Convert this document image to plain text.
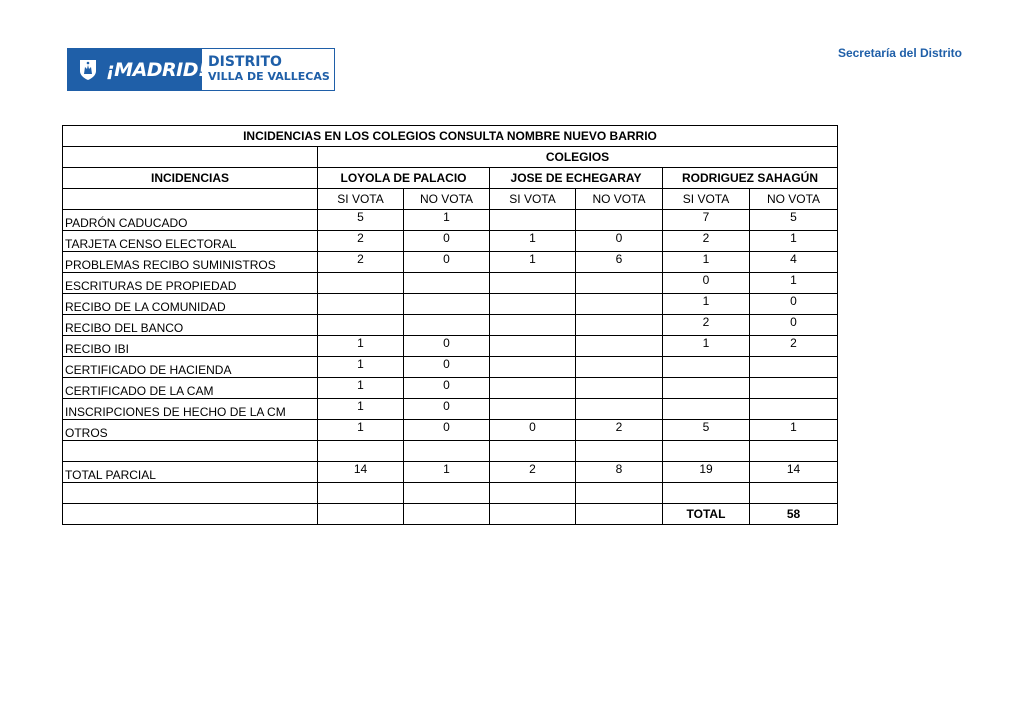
¡MADRID! DISTRITO
VILLA DE VALLECAS
Secretaría del Distrito
INCIDENCIAS EN LOS COLEGIOS CONSULTA NOMBRE NUEVO BARRIO						
	COLEGIOS					
INCIDENCIAS	LOYOLA DE PALACIO		JOSE DE ECHEGARAY		RODRIGUEZ SAHAGÚN	
	SI VOTA	NO VOTA	SI VOTA	NO VOTA	SI VOTA	NO VOTA
PADRÓN CADUCADO	5	1			7	5
TARJETA CENSO ELECTORAL	2	0	1	0	2	1
PROBLEMAS RECIBO SUMINISTROS	2	0	1	6	1	4
ESCRITURAS DE PROPIEDAD					0	1
RECIBO DE LA COMUNIDAD					1	0
RECIBO DEL BANCO					2	0
RECIBO IBI	1	0			1	2
CERTIFICADO DE HACIENDA	1	0				
CERTIFICADO DE LA CAM	1	0				
INSCRIPCIONES DE HECHO DE LA CM	1	0				
OTROS	1	0	0	2	5	1

TOTAL PARCIAL	14	1	2	8	19	14

					TOTAL	58
